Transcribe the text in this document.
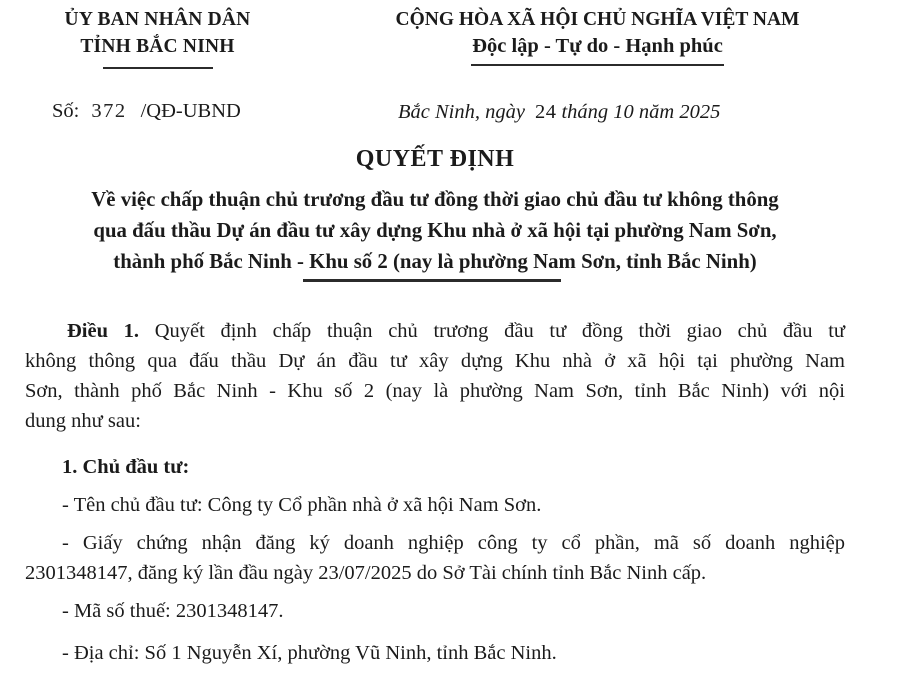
ỦY BAN NHÂN DÂN
TỈNH BẮC NINH
CỘNG HÒA XÃ HỘI CHỦ NGHĨA VIỆT NAM
Độc lập - Tự do - Hạnh phúc
Số: 372 /QĐ-UBND	Bắc Ninh, ngày 24 tháng 10 năm 2025
QUYẾT ĐỊNH
Về việc chấp thuận chủ trương đầu tư đồng thời giao chủ đầu tư không thông
qua đấu thầu Dự án đầu tư xây dựng Khu nhà ở xã hội tại phường Nam Sơn,
thành phố Bắc Ninh - Khu số 2 (nay là phường Nam Sơn, tỉnh Bắc Ninh)
Điều 1. Quyết định chấp thuận chủ trương đầu tư đồng thời giao chủ đầu tư
không thông qua đấu thầu Dự án đầu tư xây dựng Khu nhà ở xã hội tại phường Nam
Sơn, thành phố Bắc Ninh - Khu số 2 (nay là phường Nam Sơn, tỉnh Bắc Ninh) với nội
dung như sau:
1. Chủ đầu tư:
- Tên chủ đầu tư: Công ty Cổ phần nhà ở xã hội Nam Sơn.
- Giấy chứng nhận đăng ký doanh nghiệp công ty cổ phần, mã số doanh nghiệp
2301348147, đăng ký lần đầu ngày 23/07/2025 do Sở Tài chính tỉnh Bắc Ninh cấp.
- Mã số thuế: 2301348147.
- Địa chỉ: Số 1 Nguyễn Xí, phường Vũ Ninh, tỉnh Bắc Ninh.
